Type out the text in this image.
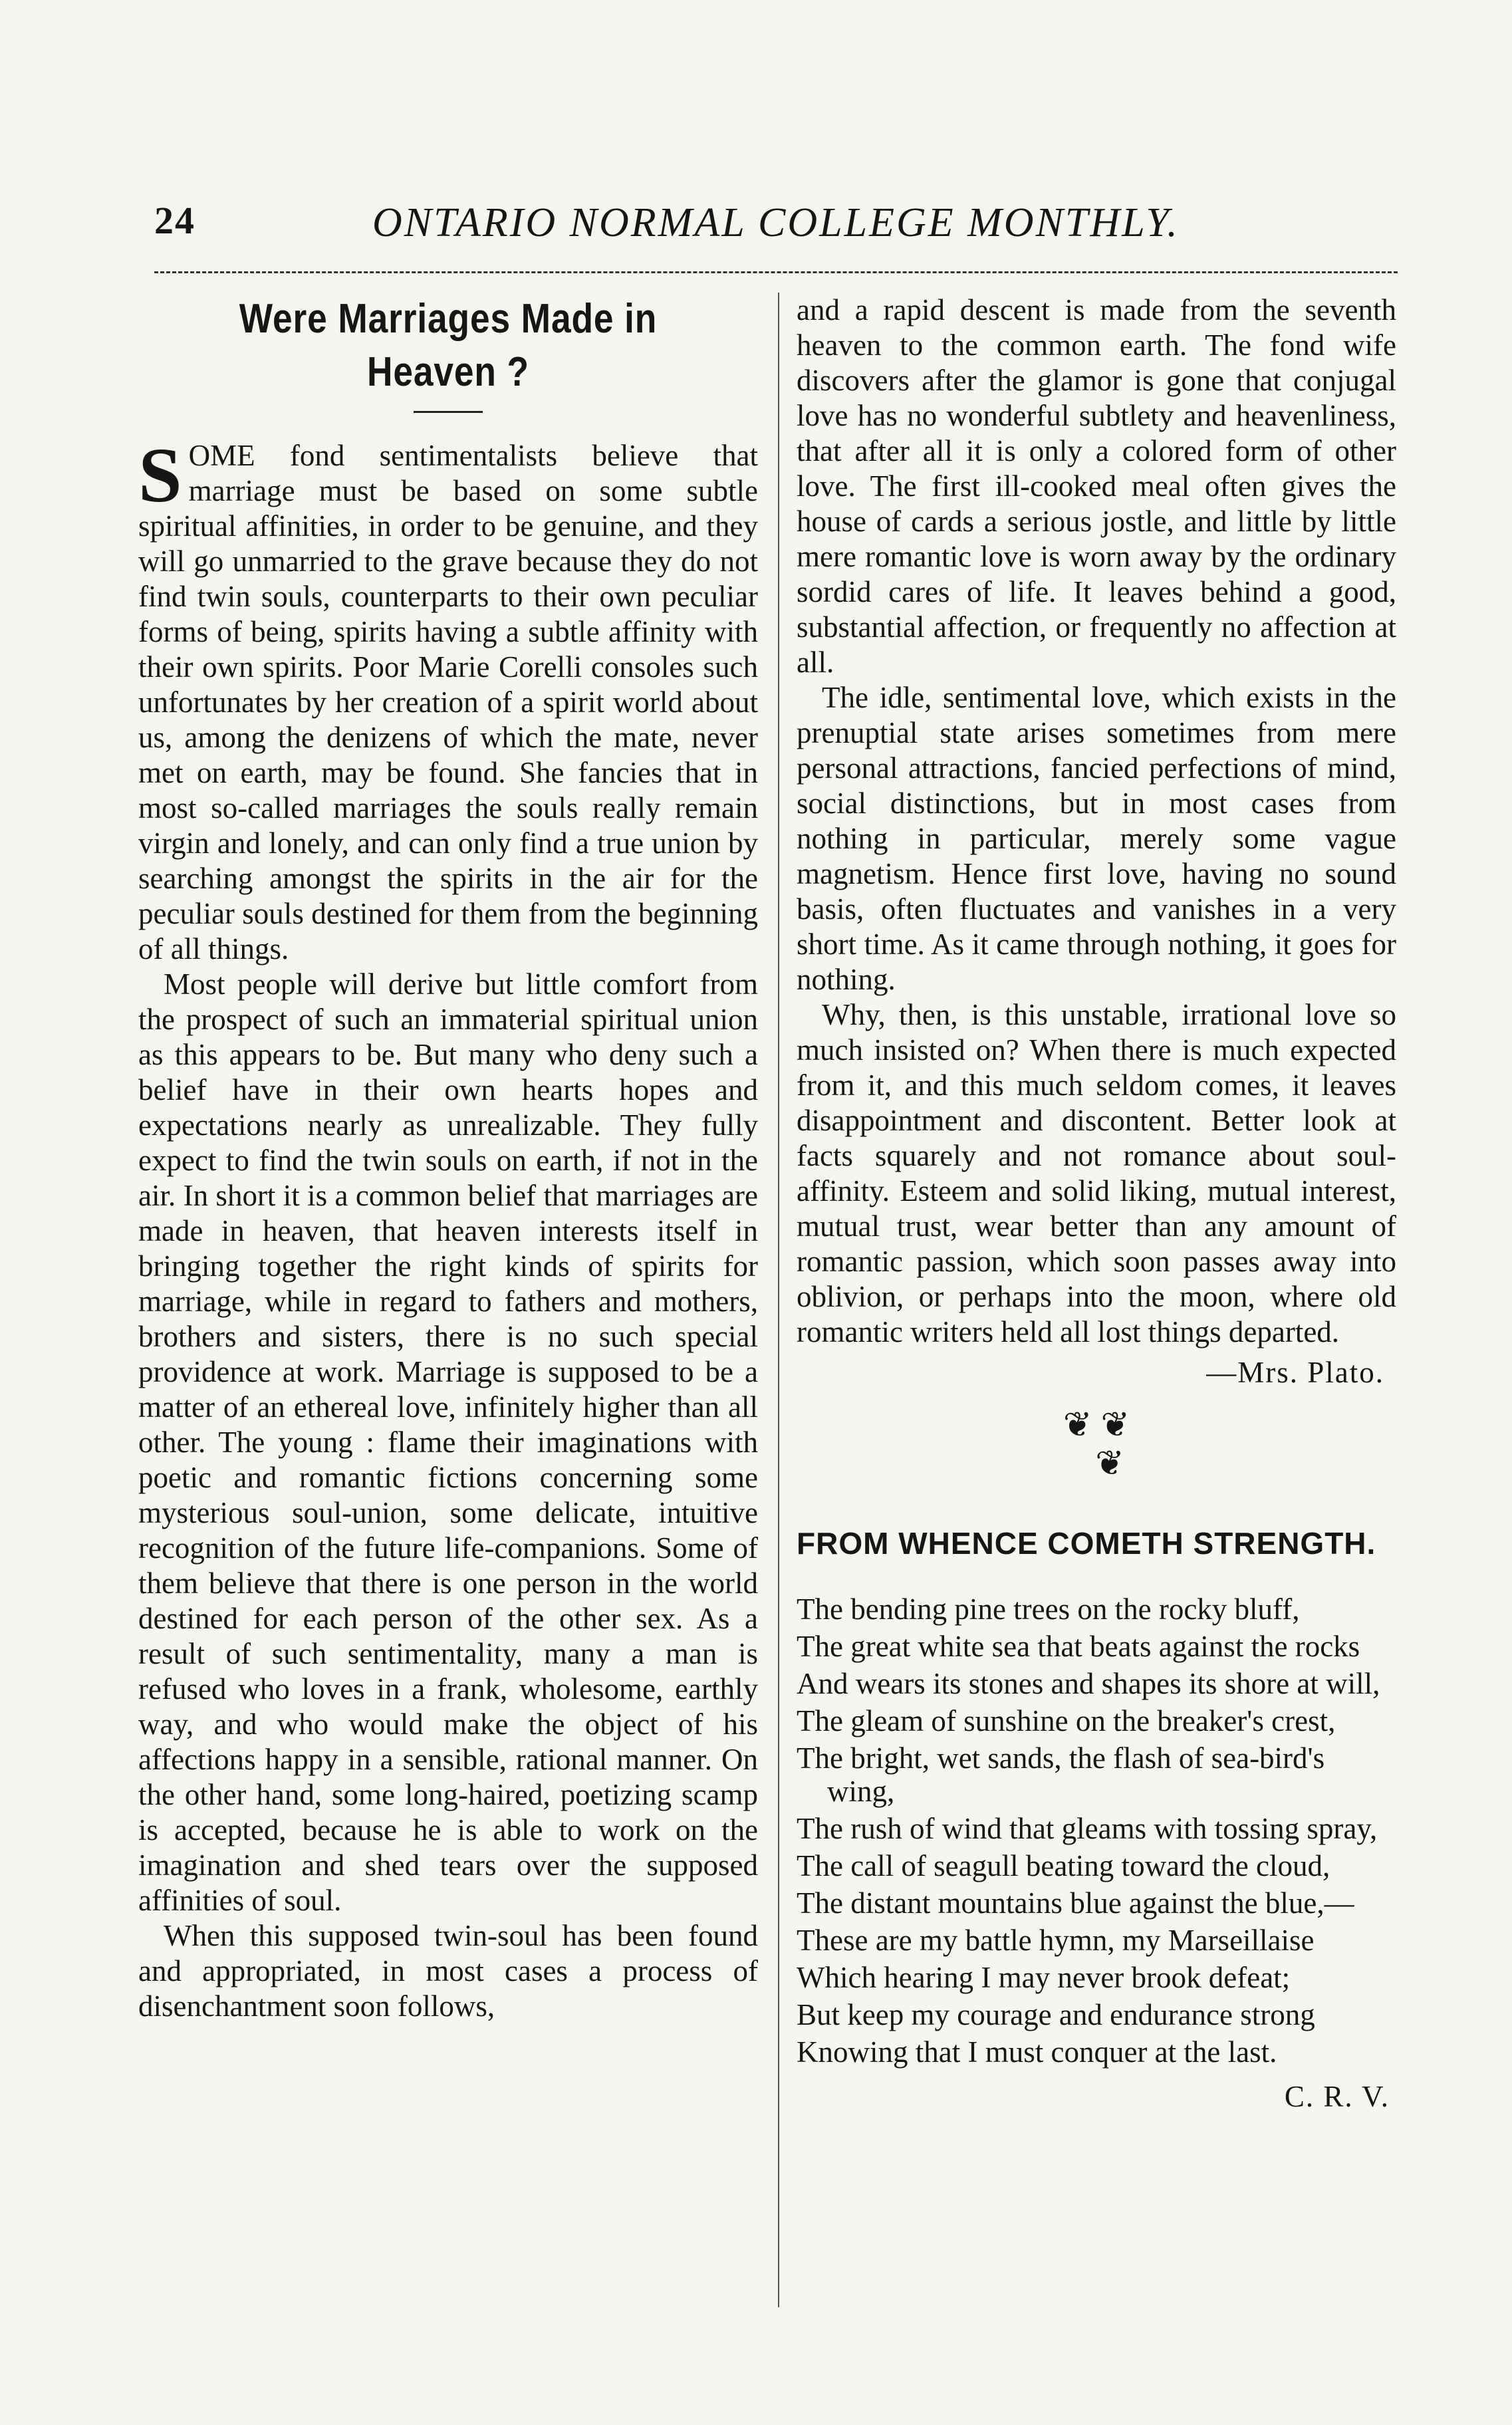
24	ONTARIO NORMAL COLLEGE MONTHLY.
Were Marriages Made in Heaven ?

SOME fond sentimentalists believe that marriage must be based on some subtle spiritual affinities, in order to be genuine, and they will go unmarried to the grave because they do not find twin souls, counterparts to their own peculiar forms of being, spirits having a subtle affinity with their own spirits. Poor Marie Corelli consoles such unfortunates by her creation of a spirit world about us, among the denizens of which the mate, never met on earth, may be found. She fancies that in most so-called marriages the souls really remain virgin and lonely, and can only find a true union by searching amongst the spirits in the air for the peculiar souls destined for them from the beginning of all things.

Most people will derive but little comfort from the prospect of such an immaterial spiritual union as this appears to be. But many who deny such a belief have in their own hearts hopes and expectations nearly as unrealizable. They fully expect to find the twin souls on earth, if not in the air. In short it is a common belief that marriages are made in heaven, that heaven interests itself in bringing together the right kinds of spirits for marriage, while in regard to fathers and mothers, brothers and sisters, there is no such special providence at work. Marriage is supposed to be a matter of an ethereal love, infinitely higher than all other. The young : flame their imaginations with poetic and romantic fictions concerning some mysterious soul-union, some delicate, intuitive recognition of the future life-companions. Some of them believe that there is one person in the world destined for each person of the other sex. As a result of such sentimentality, many a man is refused who loves in a frank, wholesome, earthly way, and who would make the object of his affections happy in a sensible, rational manner. On the other hand, some long-haired, poetizing scamp is accepted, because he is able to work on the imagination and shed tears over the supposed affinities of soul.

When this supposed twin-soul has been found and appropriated, in most cases a process of disenchantment soon follows,

and a rapid descent is made from the seventh heaven to the common earth. The fond wife discovers after the glamor is gone that conjugal love has no wonderful subtlety and heavenliness, that after all it is only a colored form of other love. The first ill-cooked meal often gives the house of cards a serious jostle, and little by little mere romantic love is worn away by the ordinary sordid cares of life. It leaves behind a good, substantial affection, or frequently no affection at all.

The idle, sentimental love, which exists in the prenuptial state arises sometimes from mere personal attractions, fancied perfections of mind, social distinctions, but in most cases from nothing in particular, merely some vague magnetism. Hence first love, having no sound basis, often fluctuates and vanishes in a very short time. As it came through nothing, it goes for nothing.

Why, then, is this unstable, irrational love so much insisted on? When there is much expected from it, and this much seldom comes, it leaves disappointment and discontent. Better look at facts squarely and not romance about soul-affinity. Esteem and solid liking, mutual interest, mutual trust, wear better than any amount of romantic passion, which soon passes away into oblivion, or perhaps into the moon, where old romantic writers held all lost things departed.

—Mrs. Plato.
❦ ❦
❦
FROM WHENCE COMETH STRENGTH.
The bending pine trees on the rocky bluff,
The great white sea that beats against the rocks
And wears its stones and shapes its shore at will,
The gleam of sunshine on the breaker's crest,
The bright, wet sands, the flash of sea-bird's wing,
The rush of wind that gleams with tossing spray,
The call of seagull beating toward the cloud,
The distant mountains blue against the blue,—
These are my battle hymn, my Marseillaise
Which hearing I may never brook defeat;
But keep my courage and endurance strong
Knowing that I must conquer at the last.
C. R. V.
